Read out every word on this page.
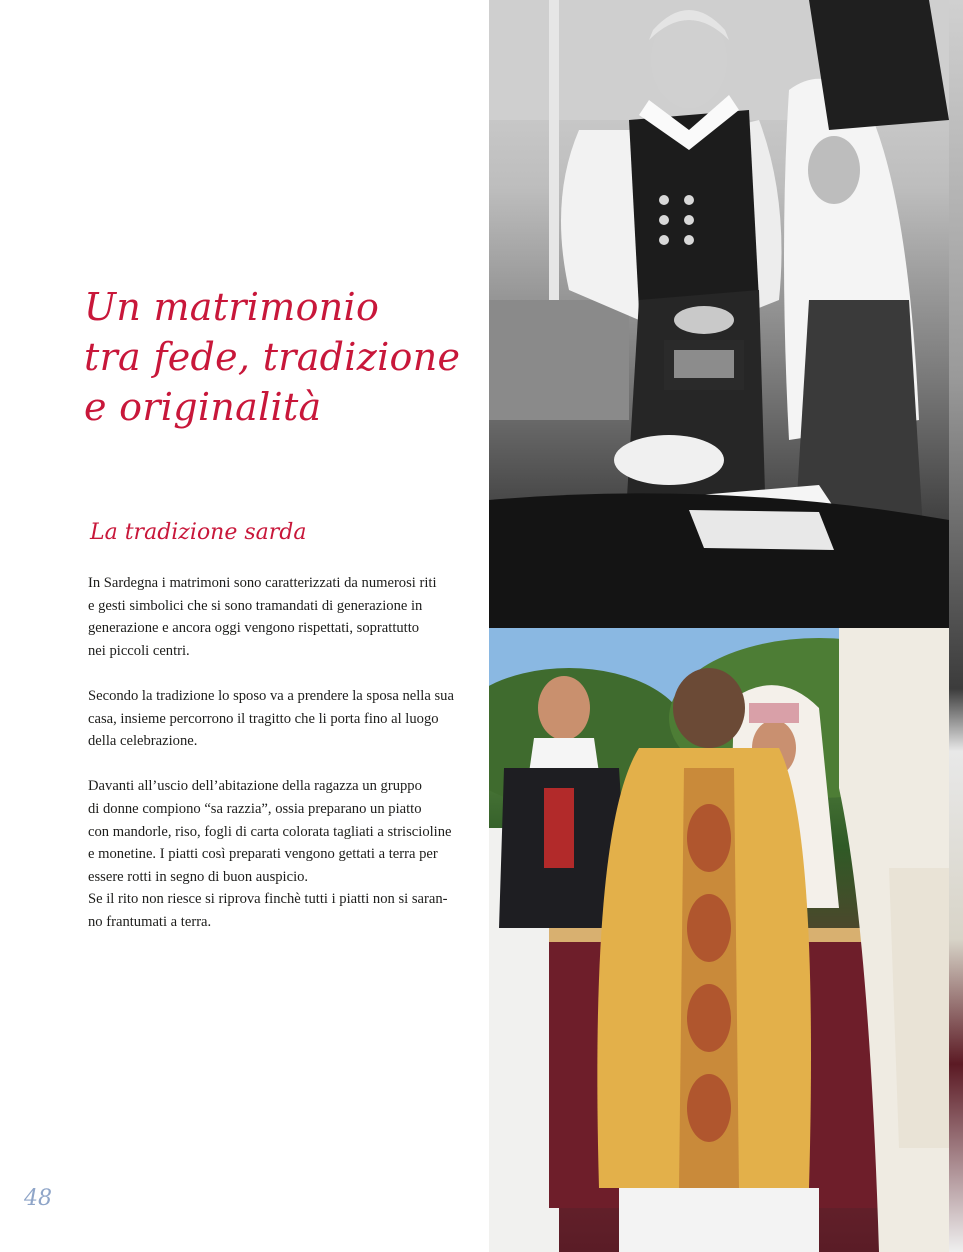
Un matrimonio
tra fede, tradizione
e originalità
La tradizione sarda

In Sardegna i matrimoni sono caratterizzati da numerosi riti
e gesti simbolici che si sono tramandati di generazione in
generazione e ancora oggi vengono rispettati, soprattutto
nei piccoli centri.

Secondo la tradizione lo sposo va a prendere la sposa nella sua
casa, insieme percorrono il tragitto che li porta fino al luogo
della celebrazione.

Davanti all’uscio dell’abitazione della ragazza un gruppo
di donne compiono “sa razzia”, ossia preparano un piatto
con mandorle, riso, fogli di carta colorata tagliati a striscioline
e monetine. I piatti così preparati vengono gettati a terra per
essere rotti in segno di buon auspicio.
Se il rito non riesce si riprova finchè tutti i piatti non si saran-
no frantumati a terra.

48
